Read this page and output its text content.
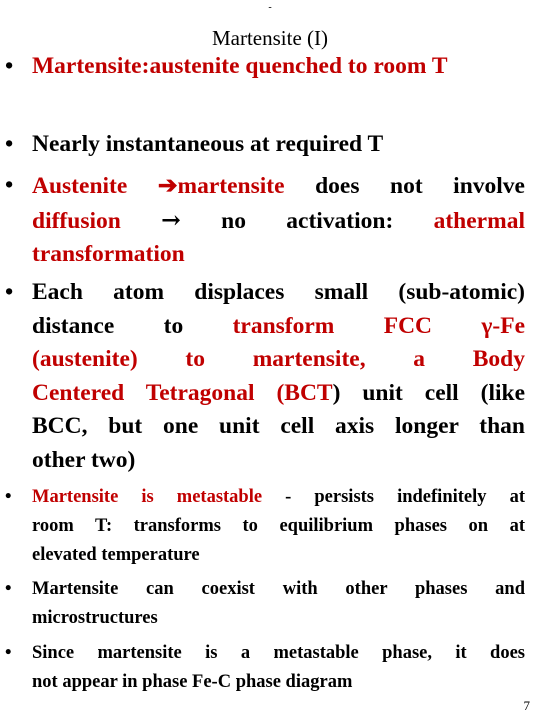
-
Martensite (I)
• Martensite:austenite quenched to room T
• Nearly instantaneous at required T
• Austenite ➔martensite does not involve
diffusion → no activation: athermal
transformation
• Each atom displaces small (sub-atomic)
distance to transform FCC γ-Fe
(austenite) to martensite, a Body
Centered Tetragonal (BCT) unit cell (like
BCC, but one unit cell axis longer than
other two)
• Martensite is metastable - persists indefinitely at
room T: transforms to equilibrium phases on at
elevated temperature
• Martensite can coexist with other phases and
microstructures
• Since martensite is a metastable phase, it does
not appear in phase Fe-C phase diagram
7
